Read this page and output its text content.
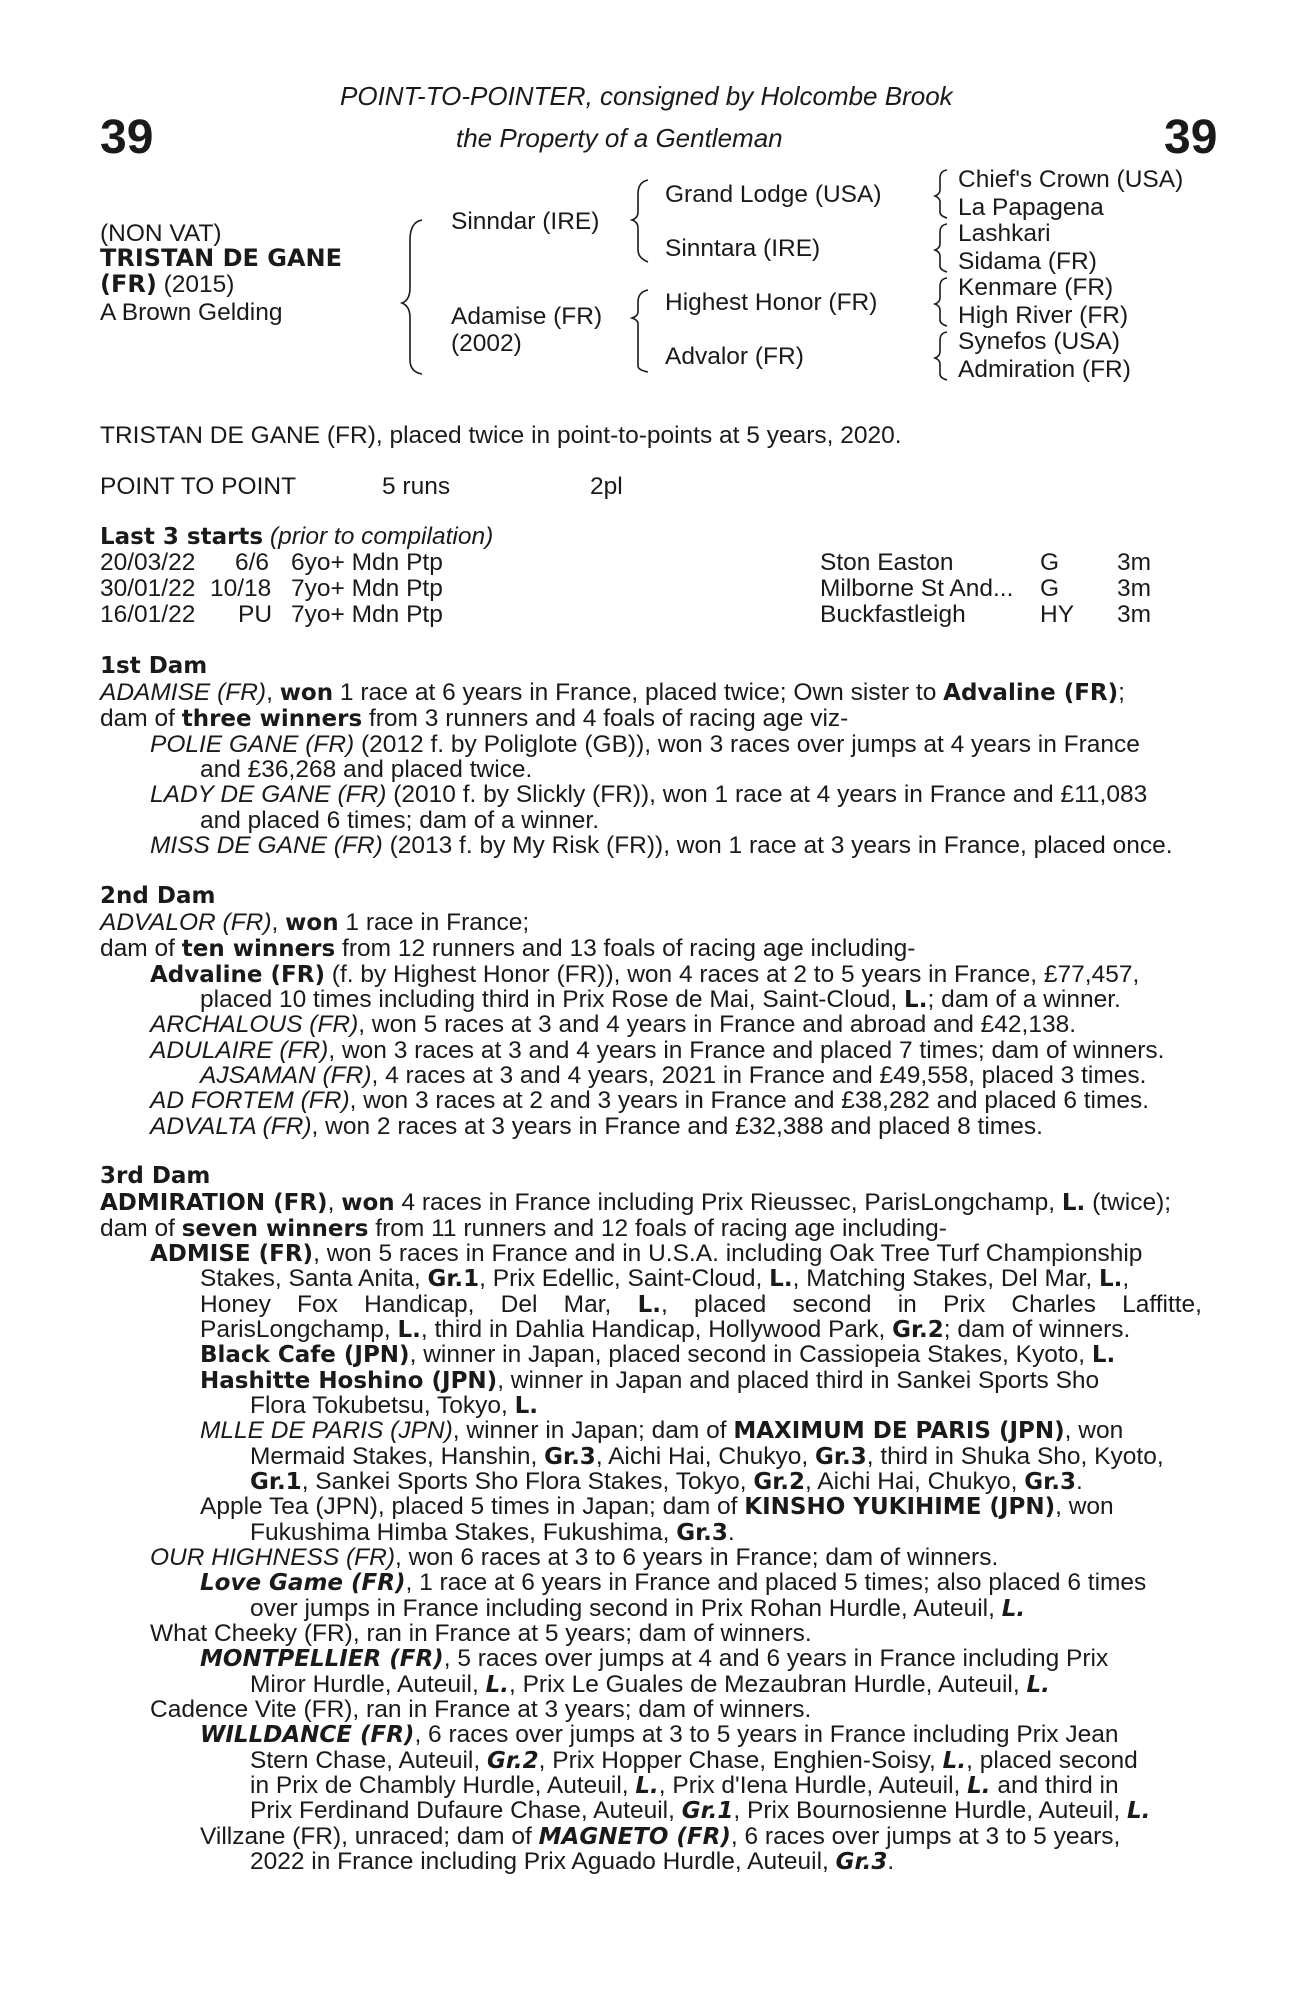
39	39
POINT-TO-POINTER, consigned by Holcombe Brook
the Property of a Gentleman
(NON VAT)
TRISTAN DE GANE
(FR) (2015)
A Brown Gelding
Sinndar (IRE)
Adamise (FR)
(2002)
Grand Lodge (USA)
Sinntara (IRE)
Highest Honor (FR)
Advalor (FR)
Chief's Crown (USA)
La Papagena
Lashkari
Sidama (FR)
Kenmare (FR)
High River (FR)
Synefos (USA)
Admiration (FR)
TRISTAN DE GANE (FR), placed twice in point-to-points at 5 years, 2020.
POINT TO POINT	5 runs	2pl
Last 3 starts (prior to compilation)
20/03/22 6/6 6yo+ Mdn Ptp	Ston Easton	G 3m
30/01/22 10/18 7yo+ Mdn Ptp	Milborne St And... G 3m
16/01/22 PU 7yo+ Mdn Ptp	Buckfastleigh	HY 3m
1st Dam
ADAMISE (FR), won 1 race at 6 years in France, placed twice; Own sister to Advaline (FR);
dam of three winners from 3 runners and 4 foals of racing age viz-
POLIE GANE (FR) (2012 f. by Poliglote (GB)), won 3 races over jumps at 4 years in France
and £36,268 and placed twice.
LADY DE GANE (FR) (2010 f. by Slickly (FR)), won 1 race at 4 years in France and £11,083
and placed 6 times; dam of a winner.
MISS DE GANE (FR) (2013 f. by My Risk (FR)), won 1 race at 3 years in France, placed once.
2nd Dam
ADVALOR (FR), won 1 race in France;
dam of ten winners from 12 runners and 13 foals of racing age including-
Advaline (FR) (f. by Highest Honor (FR)), won 4 races at 2 to 5 years in France, £77,457,
placed 10 times including third in Prix Rose de Mai, Saint-Cloud, L.; dam of a winner.
ARCHALOUS (FR), won 5 races at 3 and 4 years in France and abroad and £42,138.
ADULAIRE (FR), won 3 races at 3 and 4 years in France and placed 7 times; dam of winners.
AJSAMAN (FR), 4 races at 3 and 4 years, 2021 in France and £49,558, placed 3 times.
AD FORTEM (FR), won 3 races at 2 and 3 years in France and £38,282 and placed 6 times.
ADVALTA (FR), won 2 races at 3 years in France and £32,388 and placed 8 times.
3rd Dam
ADMIRATION (FR), won 4 races in France including Prix Rieussec, ParisLongchamp, L. (twice);
dam of seven winners from 11 runners and 12 foals of racing age including-
ADMISE (FR), won 5 races in France and in U.S.A. including Oak Tree Turf Championship
Stakes, Santa Anita, Gr.1, Prix Edellic, Saint-Cloud, L., Matching Stakes, Del Mar, L.,
Honey Fox Handicap, Del Mar, L., placed second in Prix Charles Laffitte,
ParisLongchamp, L., third in Dahlia Handicap, Hollywood Park, Gr.2; dam of winners.
Black Cafe (JPN), winner in Japan, placed second in Cassiopeia Stakes, Kyoto, L.
Hashitte Hoshino (JPN), winner in Japan and placed third in Sankei Sports Sho
Flora Tokubetsu, Tokyo, L.
MLLE DE PARIS (JPN), winner in Japan; dam of MAXIMUM DE PARIS (JPN), won
Mermaid Stakes, Hanshin, Gr.3, Aichi Hai, Chukyo, Gr.3, third in Shuka Sho, Kyoto,
Gr.1, Sankei Sports Sho Flora Stakes, Tokyo, Gr.2, Aichi Hai, Chukyo, Gr.3.
Apple Tea (JPN), placed 5 times in Japan; dam of KINSHO YUKIHIME (JPN), won
Fukushima Himba Stakes, Fukushima, Gr.3.
OUR HIGHNESS (FR), won 6 races at 3 to 6 years in France; dam of winners.
Love Game (FR), 1 race at 6 years in France and placed 5 times; also placed 6 times
over jumps in France including second in Prix Rohan Hurdle, Auteuil, L.
What Cheeky (FR), ran in France at 5 years; dam of winners.
MONTPELLIER (FR), 5 races over jumps at 4 and 6 years in France including Prix
Miror Hurdle, Auteuil, L., Prix Le Guales de Mezaubran Hurdle, Auteuil, L.
Cadence Vite (FR), ran in France at 3 years; dam of winners.
WILLDANCE (FR), 6 races over jumps at 3 to 5 years in France including Prix Jean
Stern Chase, Auteuil, Gr.2, Prix Hopper Chase, Enghien-Soisy, L., placed second
in Prix de Chambly Hurdle, Auteuil, L., Prix d'Iena Hurdle, Auteuil, L. and third in
Prix Ferdinand Dufaure Chase, Auteuil, Gr.1, Prix Bournosienne Hurdle, Auteuil, L.
Villzane (FR), unraced; dam of MAGNETO (FR), 6 races over jumps at 3 to 5 years,
2022 in France including Prix Aguado Hurdle, Auteuil, Gr.3.
